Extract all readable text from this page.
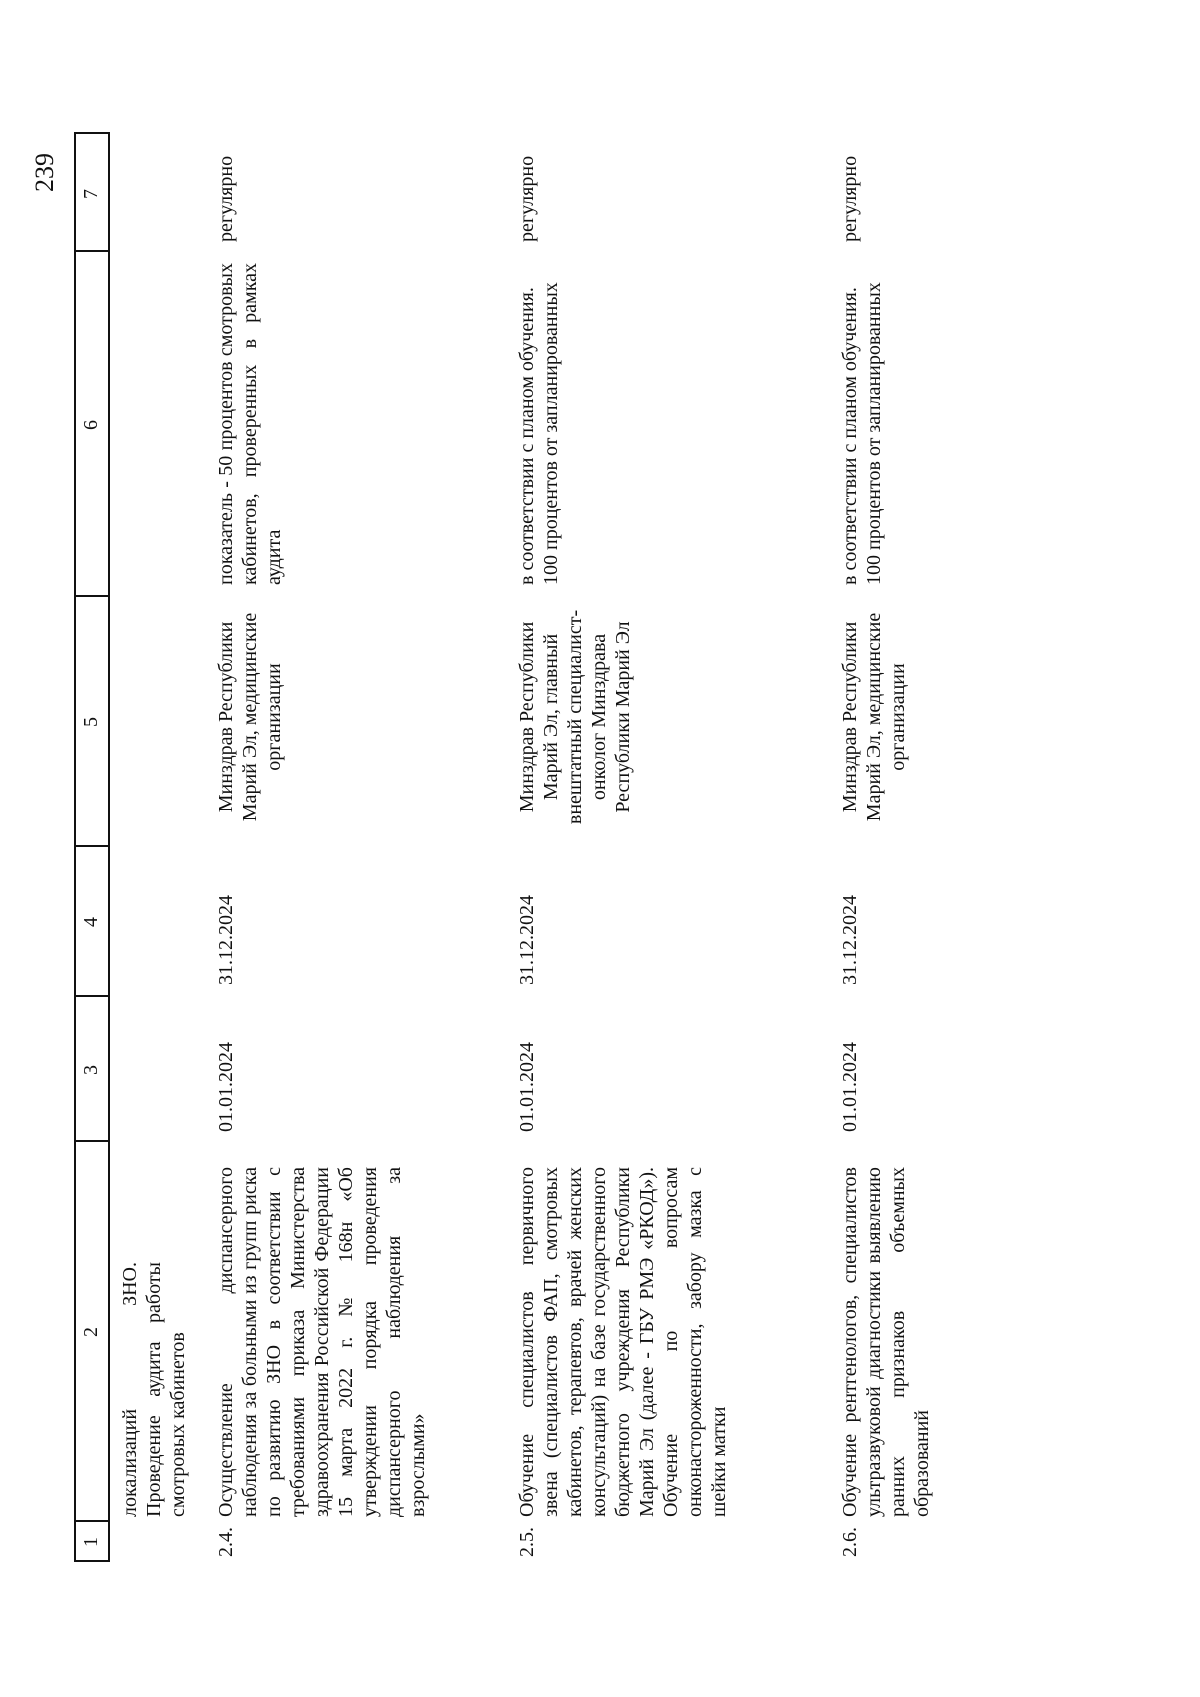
239
1
2
3
4
5
6
7
локализаций ЗНО. Проведение аудита работы смотровых кабинетов
2.4.
Осуществление диспансерного наблюдения за больными из групп риска по развитию ЗНО в соответствии с требованиями приказа Министерства здравоохранения Российской Федерации 15 марта 2022 г. № 168н «Об утверждении порядка проведения диспансерного наблюдения за взрослыми»
01.01.2024
31.12.2024
Минздрав Республики Марий Эл, медицинские организации
показатель - 50 процентов смотровых кабинетов, проверенных в рамках аудита
регулярно
2.5.
Обучение специалистов первичного звена (специалистов ФАП, смотровых кабинетов, терапевтов, врачей женских консультаций) на базе государственного бюджетного учреждения Республики Марий Эл (далее - ГБУ РМЭ «РКОД»). Обучение по вопросам онконастороженности, забору мазка с шейки матки
01.01.2024
31.12.2024
Минздрав Республики Марий Эл, главный внештатный специалист-онколог Минздрава Республики Марий Эл
в соответствии с планом обучения. 100 процентов от запланированных
регулярно
2.6.
Обучение рентгенологов, специалистов ультразвуковой диагностики выявлению ранних признаков объемных образований
01.01.2024
31.12.2024
Минздрав Республики Марий Эл, медицинские организации
в соответствии с планом обучения. 100 процентов от запланированных
регулярно
